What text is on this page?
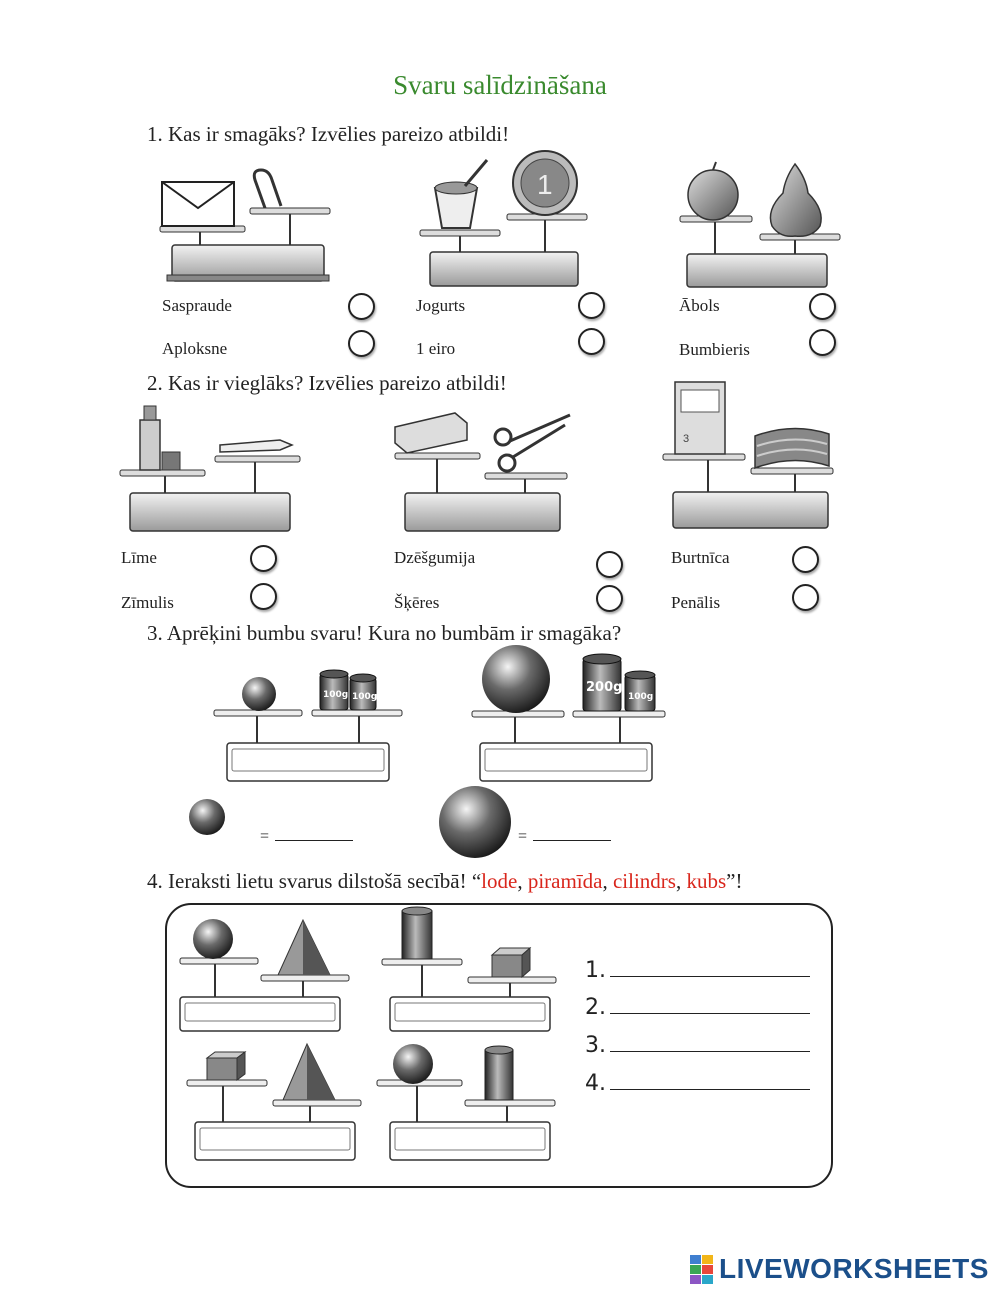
Svaru salīdzināšana
1. Kas ir smagāks? Izvēlies pareizo atbildi!
Saspraude
Aploksne
1
Jogurts
1 eiro
Ābols
Bumbieris
2. Kas ir vieglāks? Izvēlies pareizo atbildi!
Līme
Zīmulis
Dzēšgumija
Šķēres
3
Burtnīca
Penālis
3. Aprēķini bumbu svaru! Kura no bumbām ir smagāka?
100g 100g
200g
100g
=	=
4. Ieraksti lietu svarus dilstošā secībā! “lode, piramīda, cilindrs, kubs”!
1.
2.
3.
4.
LIVEWORKSHEETS
